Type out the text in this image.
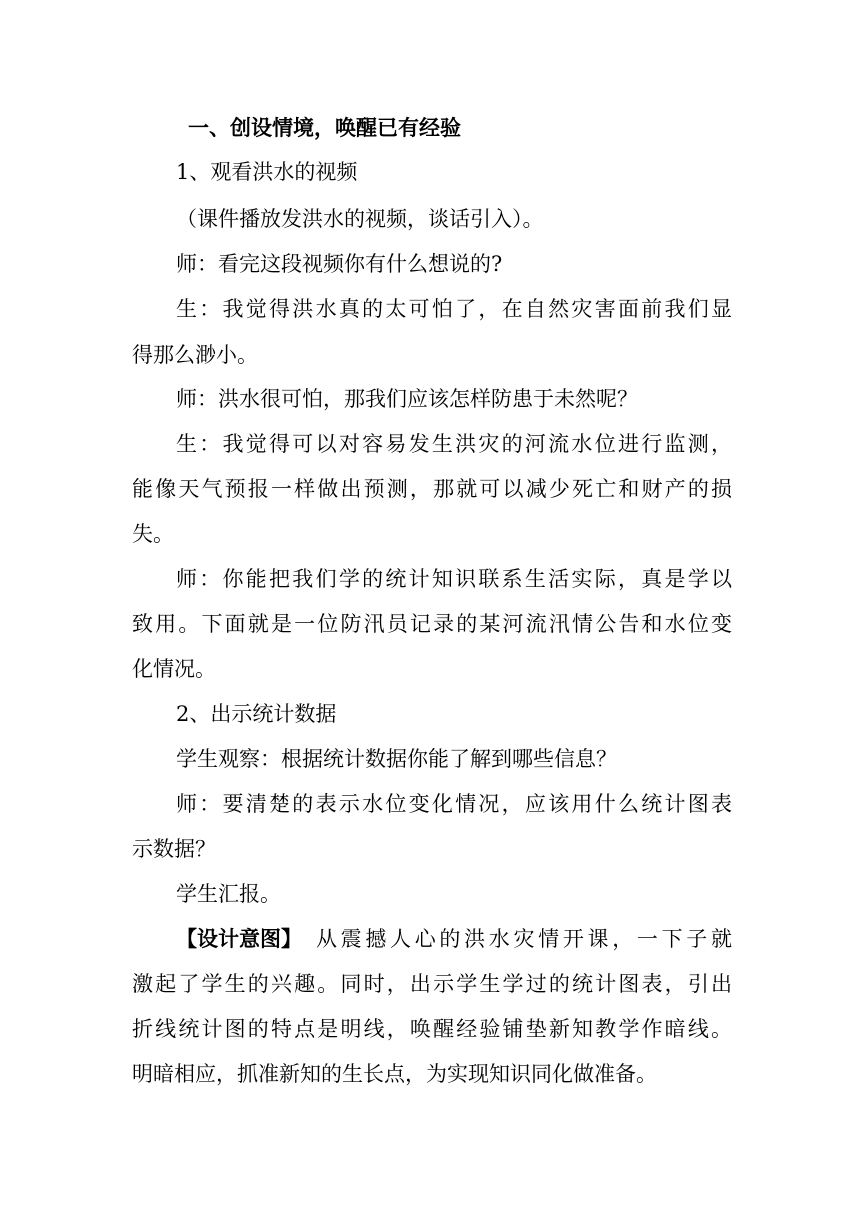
一、创设情境，唤醒已有经验
1、观看洪水的视频
（课件播放发洪水的视频，谈话引入）。
师：看完这段视频你有什么想说的?
生：我觉得洪水真的太可怕了，在自然灾害面前我们显
得那么渺小。
师：洪水很可怕，那我们应该怎样防患于未然呢？
生：我觉得可以对容易发生洪灾的河流水位进行监测，
能像天气预报一样做出预测，那就可以减少死亡和财产的损
失。
师：你能把我们学的统计知识联系生活实际，真是学以
致用。下面就是一位防汛员记录的某河流汛情公告和水位变
化情况。
2、出示统计数据
学生观察：根据统计数据你能了解到哪些信息？
师：要清楚的表示水位变化情况，应该用什么统计图表
示数据？
学生汇报。
【设计意图】 从震撼人心的洪水灾情开课，一下子就
激起了学生的兴趣。同时，出示学生学过的统计图表，引出
折线统计图的特点是明线，唤醒经验铺垫新知教学作暗线。
明暗相应，抓准新知的生长点，为实现知识同化做准备。
